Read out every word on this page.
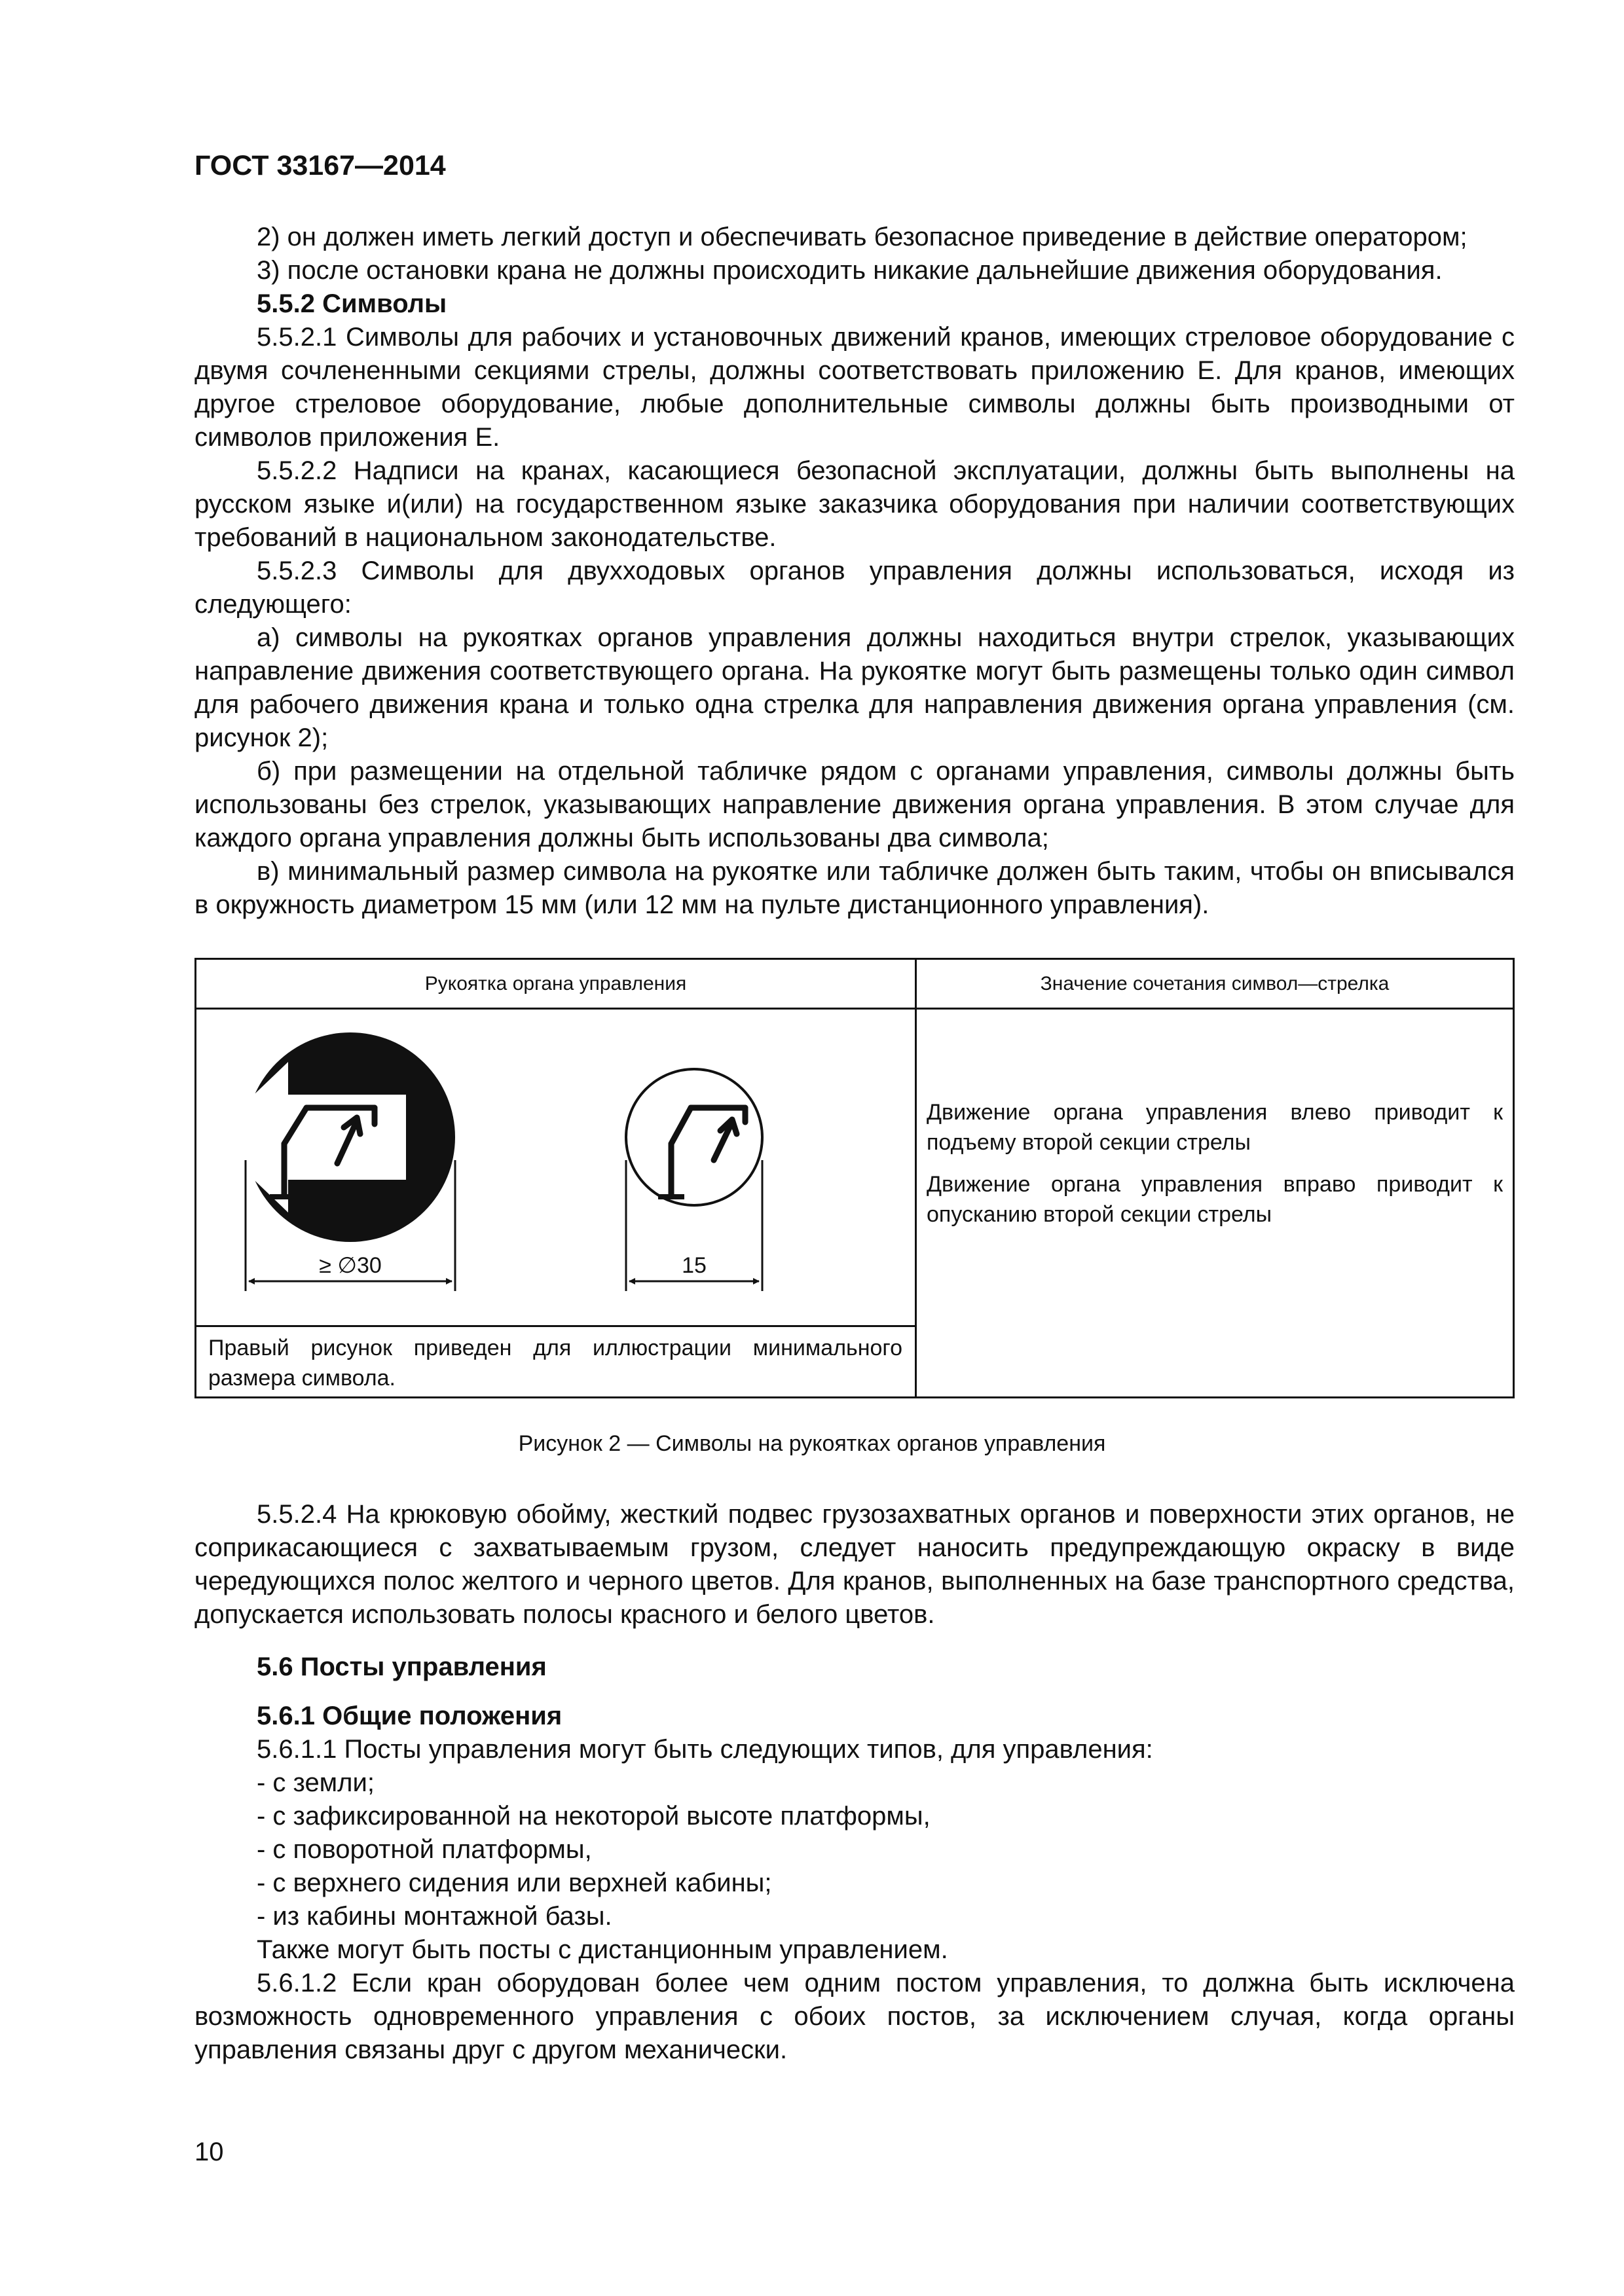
ГОСТ 33167—2014
2) он должен иметь легкий доступ и обеспечивать безопасное приведение в действие оператором;
3) после остановки крана не должны происходить никакие дальнейшие движения оборудования.
5.5.2 Символы
5.5.2.1 Символы для рабочих и установочных движений кранов, имеющих стреловое оборудование с двумя сочлененными секциями стрелы, должны соответствовать приложению Е. Для кранов, имеющих другое стреловое оборудование, любые дополнительные символы должны быть производными от символов приложения Е.
5.5.2.2 Надписи на кранах, касающиеся безопасной эксплуатации, должны быть выполнены на русском языке и(или) на государственном языке заказчика оборудования при наличии соответствующих требований в национальном законодательстве.
5.5.2.3 Символы для двухходовых органов управления должны использоваться, исходя из следующего:
а) символы на рукоятках органов управления должны находиться внутри стрелок, указывающих направление движения соответствующего органа. На рукоятке могут быть размещены только один символ для рабочего движения крана и только одна стрелка для направления движения органа управления (см. рисунок 2);
б) при размещении на отдельной табличке рядом с органами управления, символы должны быть использованы без стрелок, указывающих направление движения органа управления. В этом случае для каждого органа управления должны быть использованы два символа;
в) минимальный размер символа на рукоятке или табличке должен быть таким, чтобы он вписывался в окружность диаметром 15 мм (или 12 мм на пульте дистанционного управления).
Рукоятка органа управления	Значение сочетания символ—стрелка
≥ ∅30	15
Движение органа управления влево приводит к подъему второй секции стрелы
Движение органа управления вправо приводит к опусканию второй секции стрелы
Правый рисунок приведен для иллюстрации минимального размера символа.
Рисунок 2 — Символы на рукоятках органов управления
5.5.2.4 На крюковую обойму, жесткий подвес грузозахватных органов и поверхности этих органов, не соприкасающиеся с захватываемым грузом, следует наносить предупреждающую окраску в виде чередующихся полос желтого и черного цветов. Для кранов, выполненных на базе транспортного средства, допускается использовать полосы красного и белого цветов.
5.6 Посты управления
5.6.1 Общие положения
5.6.1.1 Посты управления могут быть следующих типов, для управления:
- с земли;
- с зафиксированной на некоторой высоте платформы,
- с поворотной платформы,
- с верхнего сидения или верхней кабины;
- из кабины монтажной базы.
Также могут быть посты с дистанционным управлением.
5.6.1.2 Если кран оборудован более чем одним постом управления, то должна быть исключена возможность одновременного управления с обоих постов, за исключением случая, когда органы управления связаны друг с другом механически.
10
